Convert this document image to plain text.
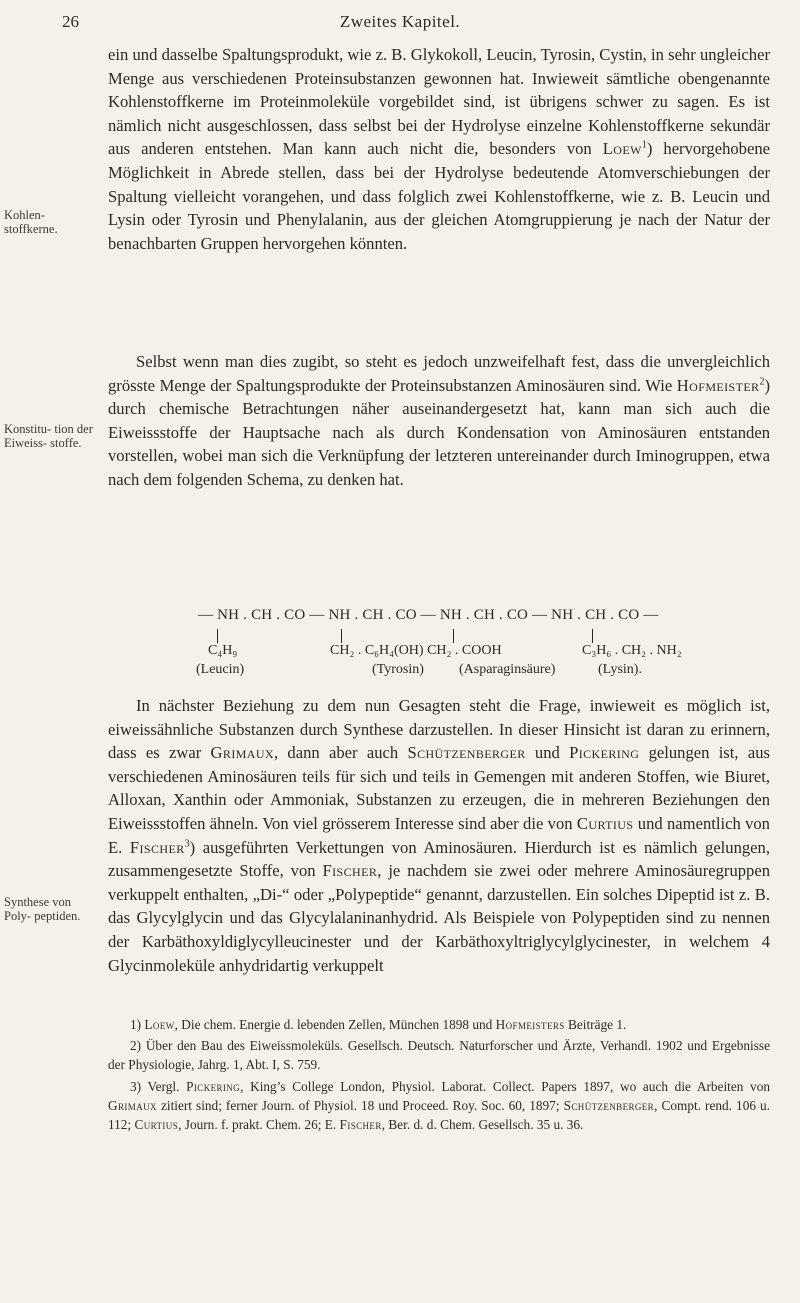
26	Zweites Kapitel.
Kohlen- stoffkerne.
Konstitu- tion der Eiweiss- stoffe.
Synthese von Poly- peptiden.

ein und dasselbe Spaltungsprodukt, wie z. B. Glykokoll, Leucin, Tyrosin, Cystin, in sehr ungleicher Menge aus verschiedenen Proteinsubstanzen gewonnen hat. Inwieweit sämtliche obengenannte Kohlenstoffkerne im Proteinmoleküle vorgebildet sind, ist übrigens schwer zu sagen. Es ist nämlich nicht ausgeschlossen, dass selbst bei der Hydrolyse einzelne Kohlenstoffkerne sekundär aus anderen entstehen. Man kann auch nicht die, besonders von Loew$^1$) hervorgehobene Möglichkeit in Abrede stellen, dass bei der Hydrolyse bedeutende Atomverschiebungen der Spaltung vielleicht vorangehen, und dass folglich zwei Kohlenstoffkerne, wie z. B. Leucin und Lysin oder Tyrosin und Phenylalanin, aus der gleichen Atomgruppierung je nach der Natur der benachbarten Gruppen hervorgehen könnten.

Selbst wenn man dies zugibt, so steht es jedoch unzweifelhaft fest, dass die unvergleichlich grösste Menge der Spaltungsprodukte der Proteinsubstanzen Aminosäuren sind. Wie Hofmeister$^2$) durch chemische Betrachtungen näher auseinandergesetzt hat, kann man sich auch die Eiweissstoffe der Hauptsache nach als durch Kondensation von Aminosäuren entstanden vorstellen, wobei man sich die Verknüpfung der letzteren untereinander durch Iminogruppen, etwa nach dem folgenden Schema, zu denken hat.

— NH . CH . CO — NH . CH . CO — NH . CH . CO — NH . CH . CO —
C₄H₉	CH₂ . C₆H₄(OH) CH₂ . COOH	C₃H₆ . CH₂ . NH₂
(Leucin)	(Tyrosin)	(Asparaginsäure)	(Lysin).

In nächster Beziehung zu dem nun Gesagten steht die Frage, inwieweit es möglich ist, eiweissähnliche Substanzen durch Synthese darzustellen. In dieser Hinsicht ist daran zu erinnern, dass es zwar Grimaux, dann aber auch Schützenberger und Pickering gelungen ist, aus verschiedenen Aminosäuren teils für sich und teils in Gemengen mit anderen Stoffen, wie Biuret, Alloxan, Xanthin oder Ammoniak, Substanzen zu erzeugen, die in mehreren Beziehungen den Eiweissstoffen ähneln. Von viel grösserem Interesse sind aber die von Curtius und namentlich von E. Fischer$^3$) ausgeführten Verkettungen von Aminosäuren. Hierdurch ist es nämlich gelungen, zusammengesetzte Stoffe, von Fischer, je nachdem sie zwei oder mehrere Aminosäuregruppen verkuppelt enthalten, „Di-“ oder „Polypeptide“ genannt, darzustellen. Ein solches Dipeptid ist z. B. das Glycylglycin und das Glycylalaninanhydrid. Als Beispiele von Polypeptiden sind zu nennen der Karbäthoxyldiglycylleucinester und der Karbäthoxyltriglycylglycinester, in welchem 4 Glycinmoleküle anhydridartig verkuppelt

1) Loew, Die chem. Energie d. lebenden Zellen, München 1898 und Hofmeisters Beiträge 1.

2) Über den Bau des Eiweissmoleküls. Gesellsch. Deutsch. Naturforscher und Ärzte, Verhandl. 1902 und Ergebnisse der Physiologie, Jahrg. 1, Abt. I, S. 759.

3) Vergl. Pickering, King’s College London, Physiol. Laborat. Collect. Papers 1897, wo auch die Arbeiten von Grimaux zitiert sind; ferner Journ. of Physiol. 18 und Proceed. Roy. Soc. 60, 1897; Schützenberger, Compt. rend. 106 u. 112; Curtius, Journ. f. prakt. Chem. 26; E. Fischer, Ber. d. d. Chem. Gesellsch. 35 u. 36.
